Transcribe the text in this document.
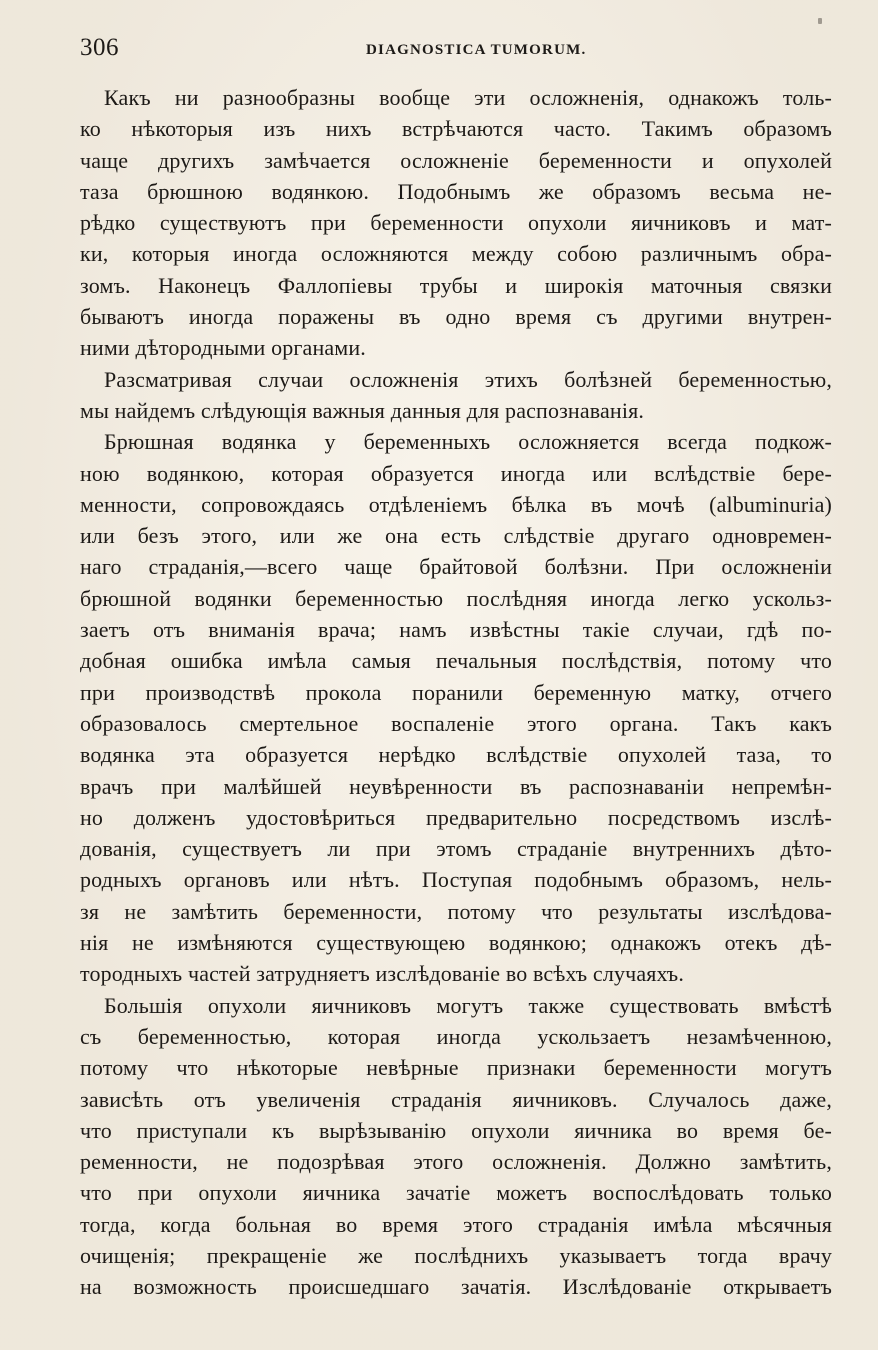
306	DIAGNOSTICA TUMORUM.

Какъ ни разнообразны вообще эти осложненія, однакожъ толь-
ко нѣкоторыя изъ нихъ встрѣчаются часто. Такимъ образомъ
чаще другихъ замѣчается осложненіе беременности и опухолей
таза брюшною водянкою. Подобнымъ же образомъ весьма не-
рѣдко существуютъ при беременности опухоли яичниковъ и мат-
ки, которыя иногда осложняются между собою различнымъ обра-
зомъ. Наконецъ Фаллопіевы трубы и широкія маточныя связки
бываютъ иногда поражены въ одно время съ другими внутрен-
ними дѣтородными органами.

Разсматривая случаи осложненія этихъ болѣзней беременностью,
мы найдемъ слѣдующія важныя данныя для распознаванія.

Брюшная водянка у беременныхъ осложняется всегда подкож-
ною водянкою, которая образуется иногда или вслѣдствіе бере-
менности, сопровождаясь отдѣленіемъ бѣлка въ мочѣ (albuminuria)
или безъ этого, или же она есть слѣдствіе другаго одновремен-
наго страданія,—всего чаще брайтовой болѣзни. При осложненіи
брюшной водянки беременностью послѣдняя иногда легко ускольз-
заетъ отъ вниманія врача; намъ извѣстны такіе случаи, гдѣ по-
добная ошибка имѣла самыя печальныя послѣдствія, потому что
при производствѣ прокола поранили беременную матку, отчего
образовалось смертельное воспаленіе этого органа. Такъ какъ
водянка эта образуется нерѣдко вслѣдствіе опухолей таза, то
врачъ при малѣйшей неувѣренности въ распознаваніи непремѣн-
но долженъ удостовѣриться предварительно посредствомъ изслѣ-
дованія, существуетъ ли при этомъ страданіе внутреннихъ дѣто-
родныхъ органовъ или нѣтъ. Поступая подобнымъ образомъ, нель-
зя не замѣтить беременности, потому что результаты изслѣдова-
нія не измѣняются существующею водянкою; однакожъ отекъ дѣ-
тородныхъ частей затрудняетъ изслѣдованіе во всѣхъ случаяхъ.

Большія опухоли яичниковъ могутъ также существовать вмѣстѣ
съ беременностью, которая иногда ускользаетъ незамѣченною,
потому что нѣкоторые невѣрные признаки беременности могутъ
зависѣть отъ увеличенія страданія яичниковъ. Случалось даже,
что приступали къ вырѣзыванію опухоли яичника во время бе-
ременности, не подозрѣвая этого осложненія. Должно замѣтить,
что при опухоли яичника зачатіе можетъ воспослѣдовать только
тогда, когда больная во время этого страданія имѣла мѣсячныя
очищенія; прекращеніе же послѣднихъ указываетъ тогда врачу
на возможность происшедшаго зачатія. Изслѣдованіе открываетъ
